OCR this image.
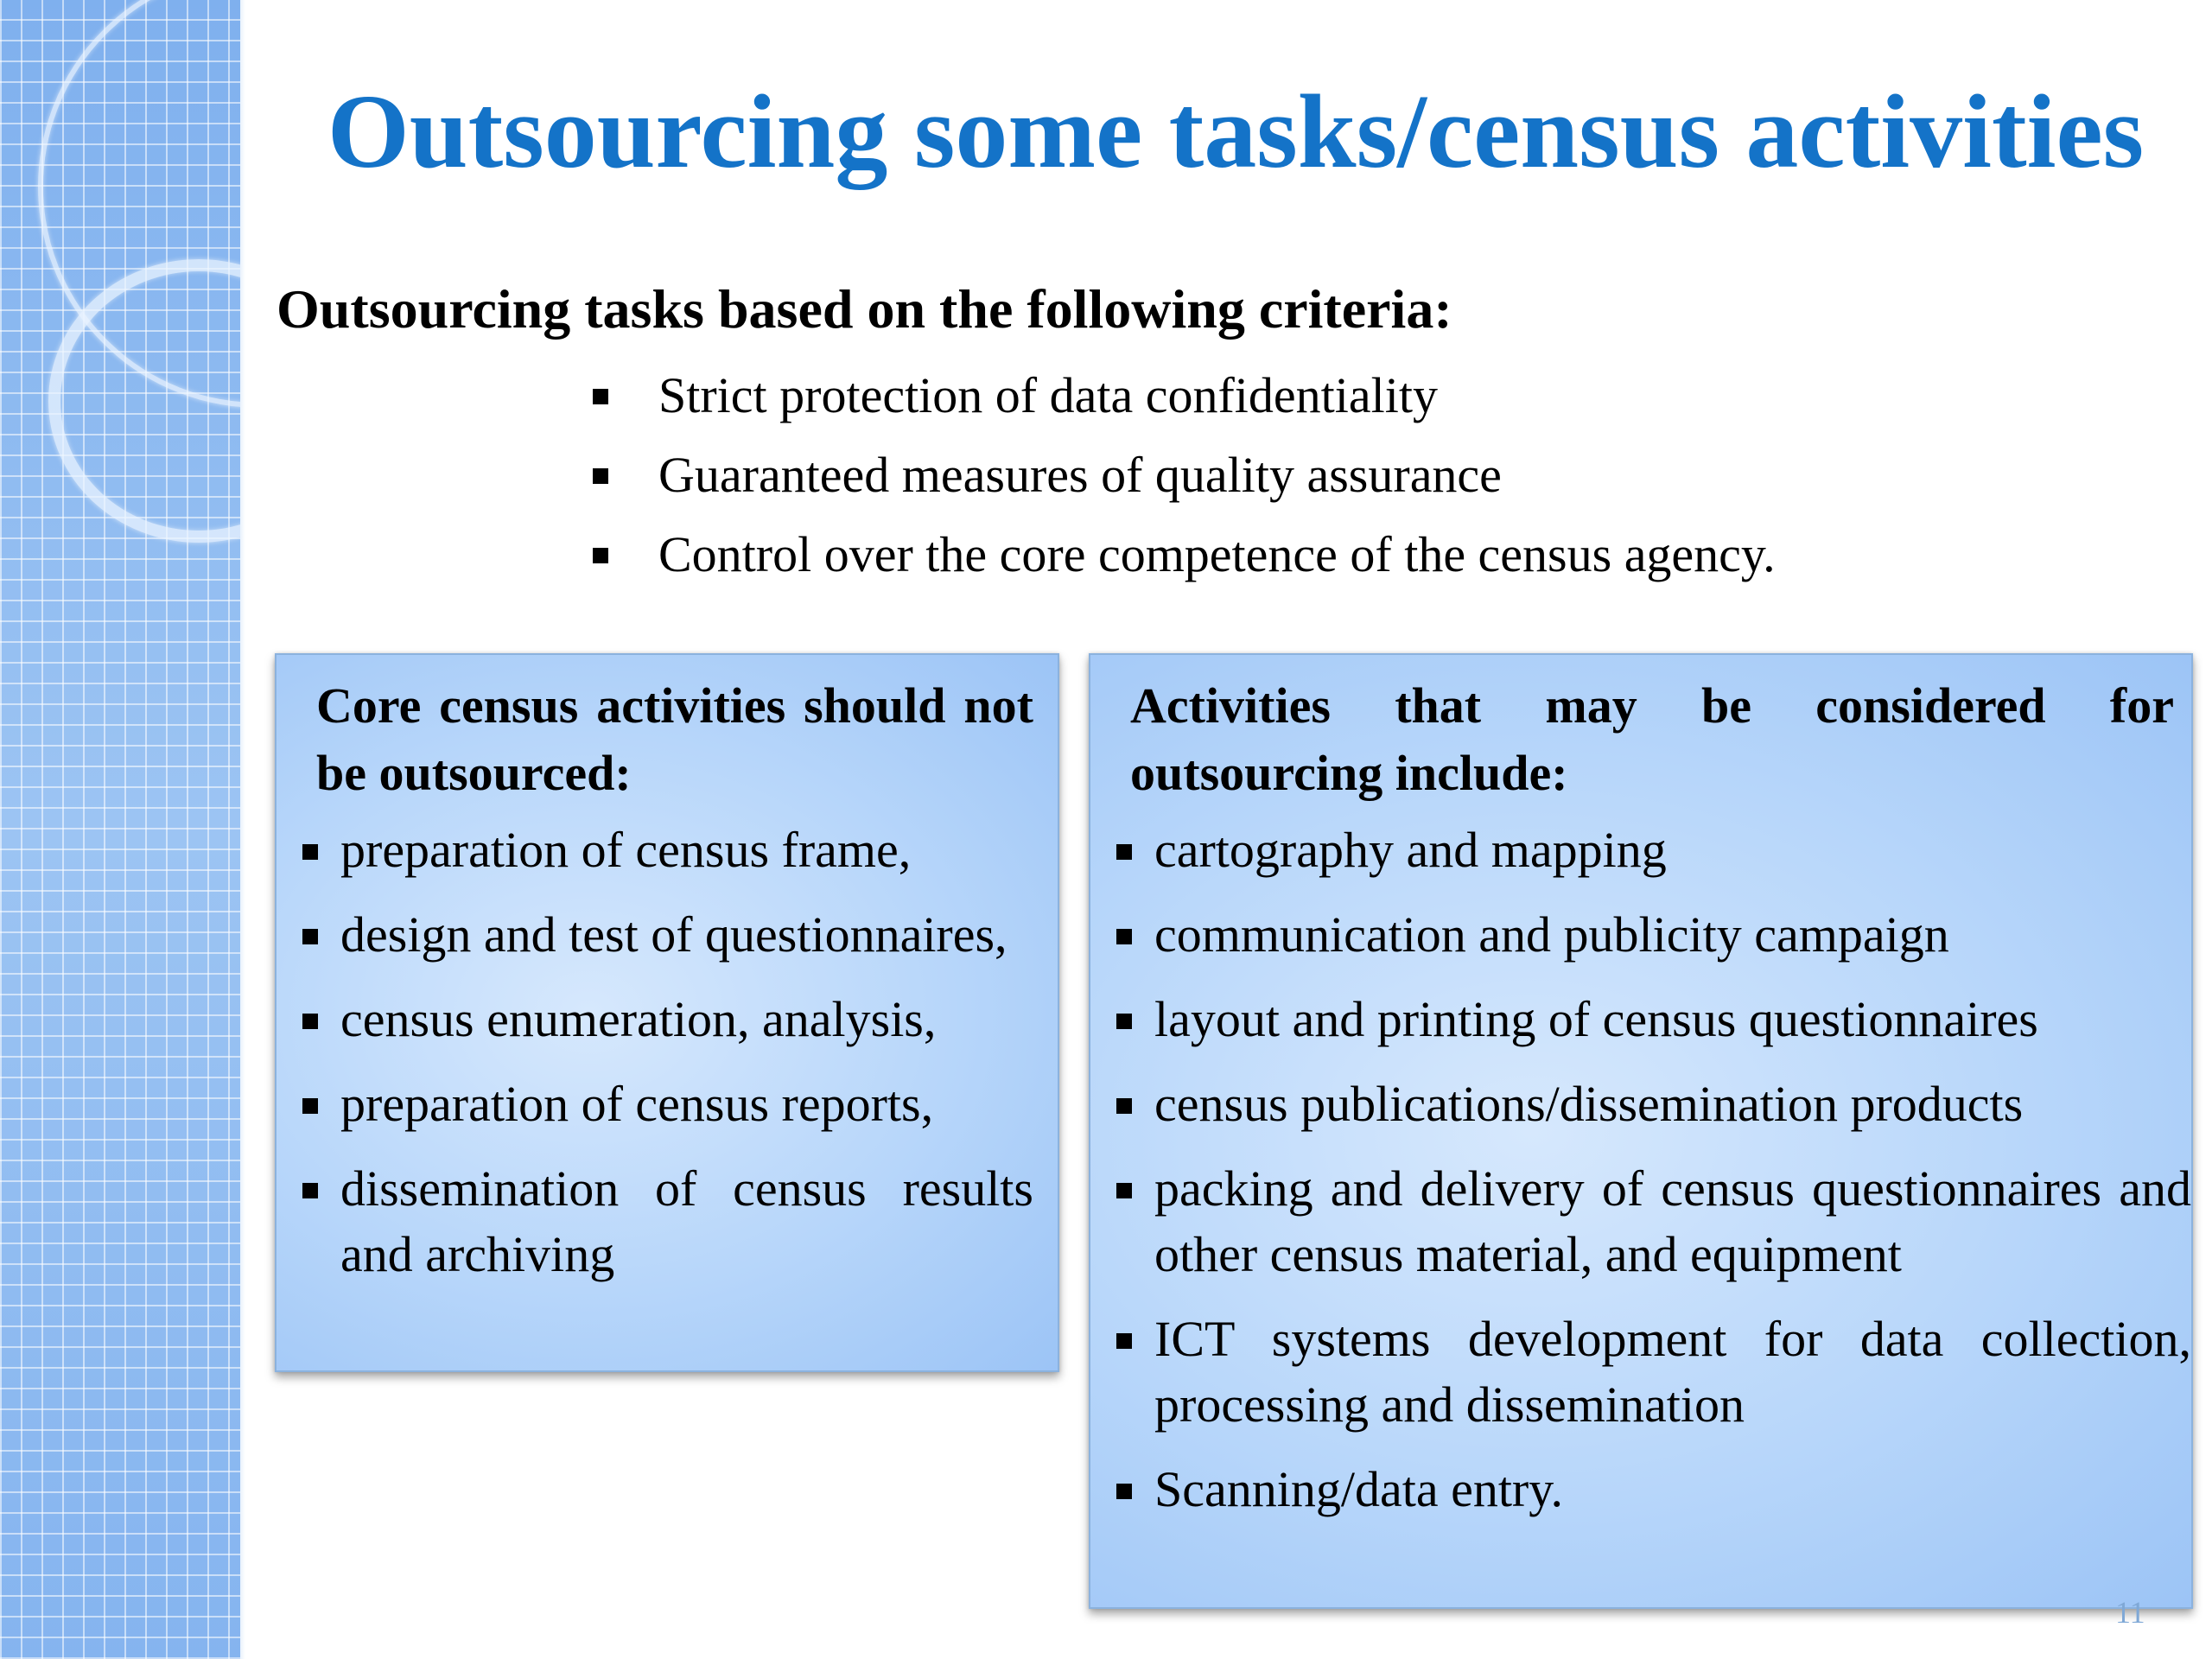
Outsourcing some tasks/census activities
Outsourcing tasks based on the following criteria:
Strict protection of data confidentiality
Guaranteed measures of quality assurance
Control over the core competence of the census agency.
Core census activities should not be outsourced:
preparation of census frame,
design and test of questionnaires,
census enumeration, analysis,
preparation of census reports,
dissemination of census results and archiving
Activities that may be considered for outsourcing include:
cartography and mapping
communication and publicity campaign
layout and printing of census questionnaires
census publications/dissemination products
packing and delivery of census questionnaires and other census material, and equipment
ICT systems development for data collection, processing and dissemination
Scanning/data entry.
11
